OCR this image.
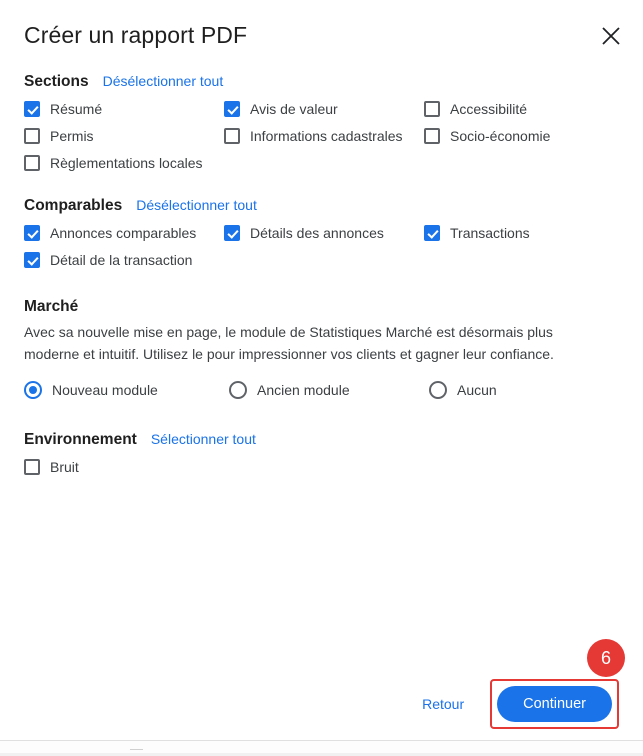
Créer un rapport PDF
Sections Désélectionner tout
Résumé	Avis de valeur	Accessibilité
Permis	Informations cadastrales	Socio-économie
Règlementations locales
Comparables Désélectionner tout
Annonces comparables	Détails des annonces	Transactions
Détail de la transaction
Marché

Avec sa nouvelle mise en page, le module de Statistiques Marché est désormais plus moderne et intuitif. Utilisez le pour impressionner vos clients et gagner leur confiance.

Nouveau module	Ancien module	Aucun
Environnement Sélectionner tout
Bruit
Retour
6
Continuer
—
